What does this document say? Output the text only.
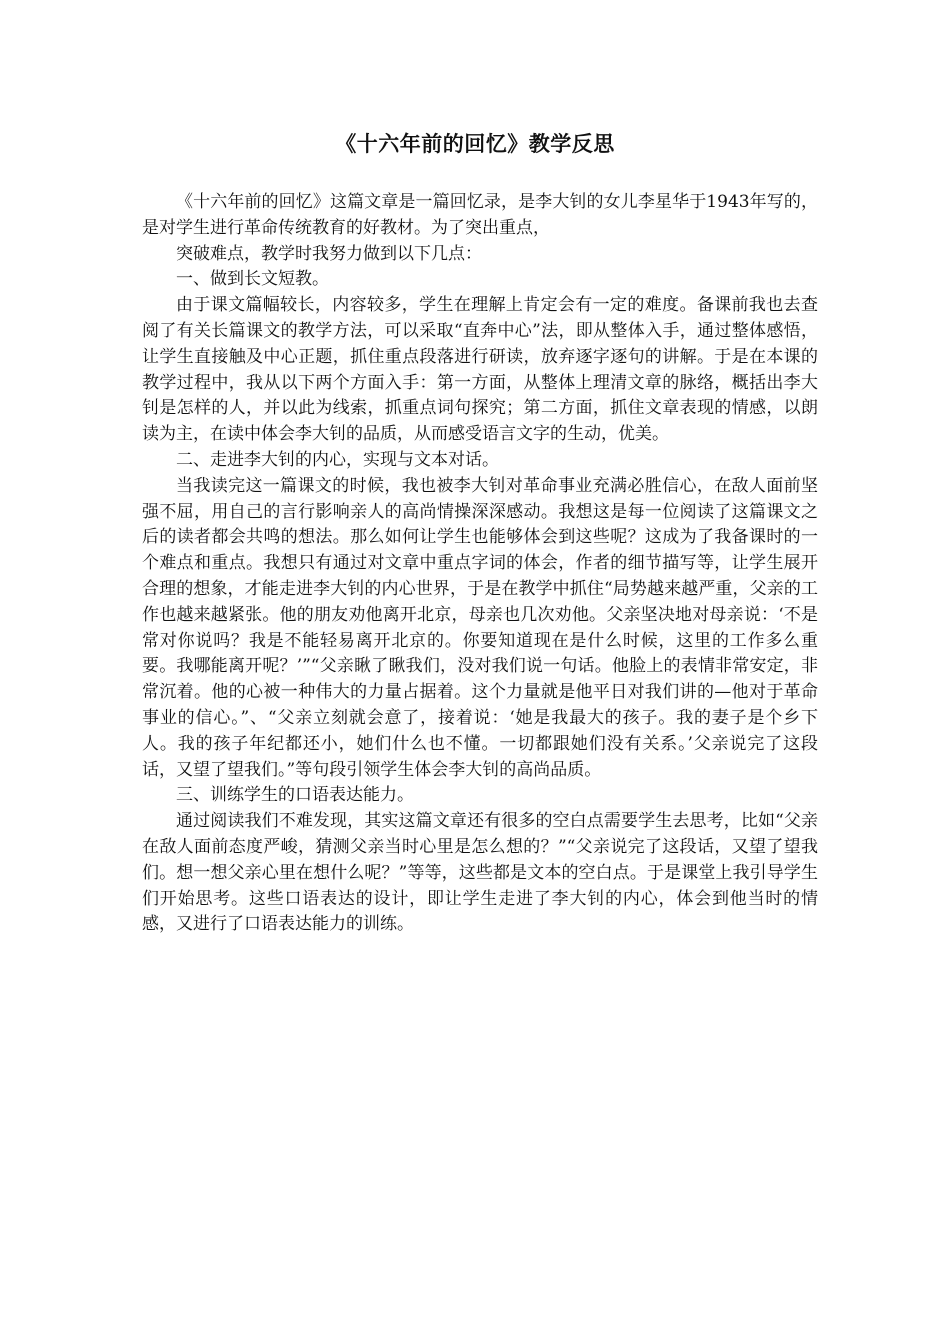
《十六年前的回忆》教学反思

《十六年前的回忆》这篇文章是一篇回忆录，是李大钊的女儿李星华于1943年写的，是对学生进行革命传统教育的好教材。为了突出重点，

突破难点，教学时我努力做到以下几点：

一、做到长文短教。

由于课文篇幅较长，内容较多，学生在理解上肯定会有一定的难度。备课前我也去查阅了有关长篇课文的教学方法，可以采取“直奔中心”法，即从整体入手，通过整体感悟，让学生直接触及中心正题，抓住重点段落进行研读，放弃逐字逐句的讲解。于是在本课的教学过程中，我从以下两个方面入手：第一方面，从整体上理清文章的脉络，概括出李大钊是怎样的人，并以此为线索，抓重点词句探究；第二方面，抓住文章表现的情感，以朗读为主，在读中体会李大钊的品质，从而感受语言文字的生动，优美。

二、走进李大钊的内心，实现与文本对话。

当我读完这一篇课文的时候，我也被李大钊对革命事业充满必胜信心，在敌人面前坚强不屈，用自己的言行影响亲人的高尚情操深深感动。我想这是每一位阅读了这篇课文之后的读者都会共鸣的想法。那么如何让学生也能够体会到这些呢？这成为了我备课时的一个难点和重点。我想只有通过对文章中重点字词的体会，作者的细节描写等，让学生展开合理的想象，才能走进李大钊的内心世界，于是在教学中抓住“局势越来越严重，父亲的工作也越来越紧张。他的朋友劝他离开北京，母亲也几次劝他。父亲坚决地对母亲说：‘不是常对你说吗？我是不能轻易离开北京的。你要知道现在是什么时候，这里的工作多么重要。我哪能离开呢？’”“父亲瞅了瞅我们，没对我们说一句话。他脸上的表情非常安定，非常沉着。他的心被一种伟大的力量占据着。这个力量就是他平日对我们讲的—他对于革命事业的信心。”、“父亲立刻就会意了，接着说：‘她是我最大的孩子。我的妻子是个乡下人。我的孩子年纪都还小，她们什么也不懂。一切都跟她们没有关系。’父亲说完了这段话，又望了望我们。”等句段引领学生体会李大钊的高尚品质。

三、训练学生的口语表达能力。

通过阅读我们不难发现，其实这篇文章还有很多的空白点需要学生去思考，比如“父亲在敌人面前态度严峻，猜测父亲当时心里是怎么想的？”“父亲说完了这段话，又望了望我们。想一想父亲心里在想什么呢？”等等，这些都是文本的空白点。于是课堂上我引导学生们开始思考。这些口语表达的设计，即让学生走进了李大钊的内心，体会到他当时的情感，又进行了口语表达能力的训练。
